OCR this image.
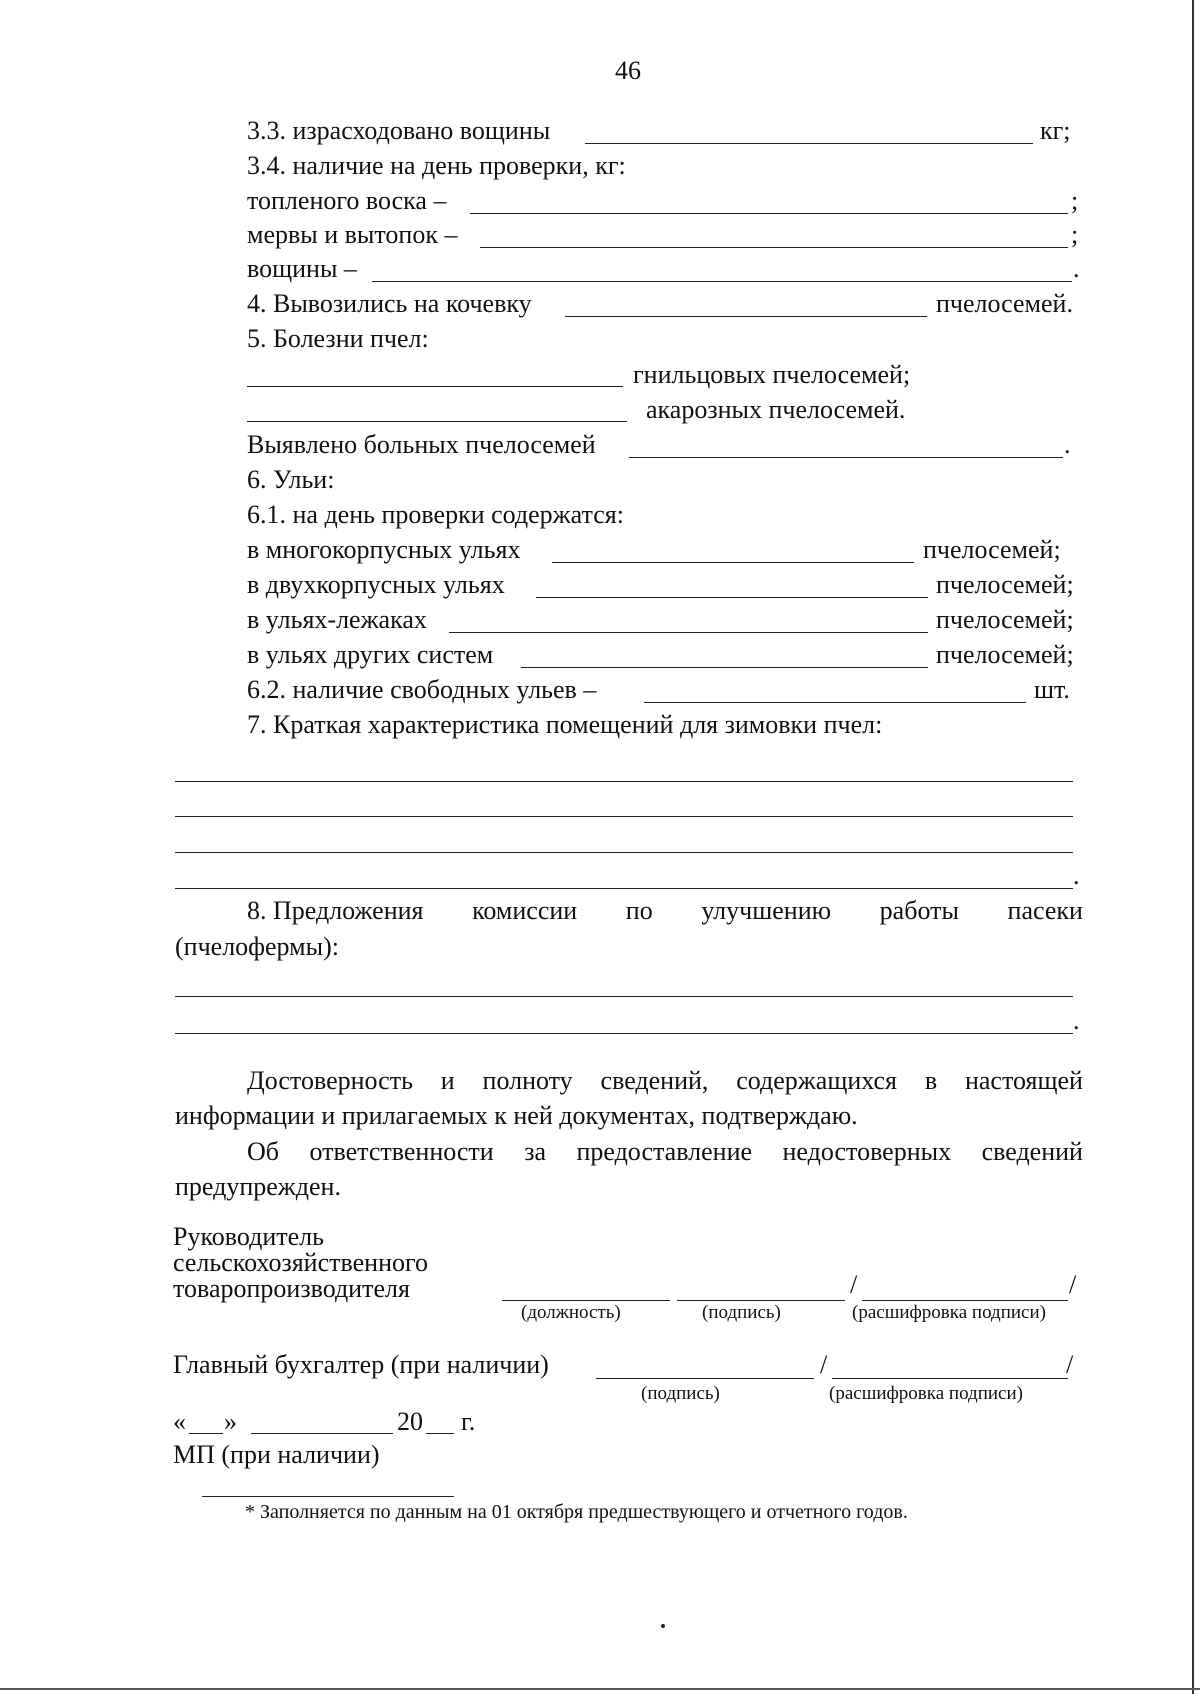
46
3.3. израсходовано вощины	кг;
3.4. наличие на день проверки, кг:
топленого воска –	;
мервы и вытопок –	;
вощины –	.
4. Вывозились на кочевку	пчелосемей.
5. Болезни пчел:
гнильцовых пчелосемей;
акарозных пчелосемей.
Выявлено больных пчелосемей	.
6. Ульи:
6.1. на день проверки содержатся:
в многокорпусных ульях	пчелосемей;
в двухкорпусных ульях	пчелосемей;
в ульях-лежаках	пчелосемей;
в ульях других систем	пчелосемей;
6.2. наличие свободных ульев –	шт.
7. Краткая характеристика помещений для зимовки пчел:
.
8. Предложения комиссии по улучшению работы пасеки
(пчелофермы):
.
Достоверность и полноту сведений, содержащихся в настоящей
информации и прилагаемых к ней документах, подтверждаю.
Об ответственности за предоставление недостоверных сведений
предупрежден.
Руководитель
сельскохозяйственного
товаропроизводителя	/	/
(должность)	(подпись)	(расшифровка подписи)
Главный бухгалтер (при наличии)	/	/
(подпись)	(расшифровка подписи)
« »	20 г.
МП (при наличии)
* Заполняется по данным на 01 октября предшествующего и отчетного годов.
